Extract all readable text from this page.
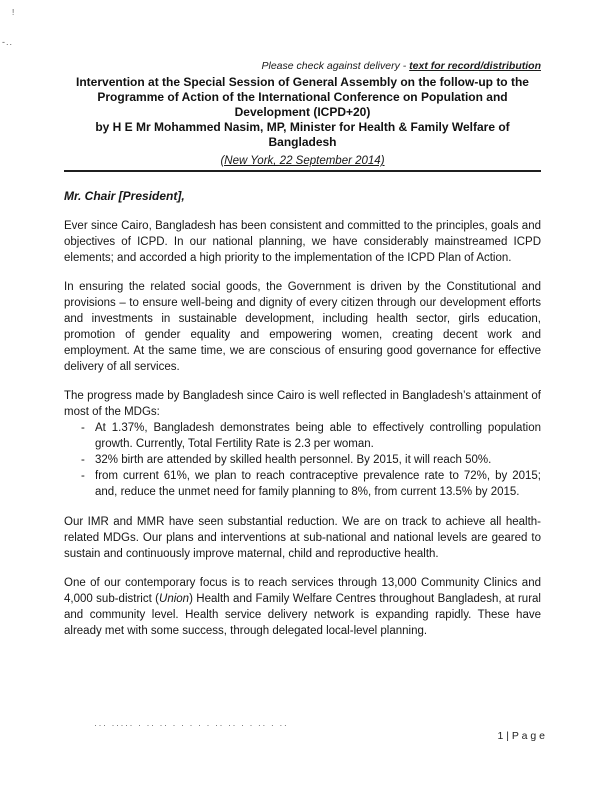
!
-..
Please check against delivery - text for record/distribution
Intervention at the Special Session of General Assembly on the follow-up to the Programme of Action of the International Conference on Population and Development (ICPD+20)
by H E Mr Mohammed Nasim, MP, Minister for Health & Family Welfare of Bangladesh
(New York, 22 September 2014)

Mr. Chair [President],

Ever since Cairo, Bangladesh has been consistent and committed to the principles, goals and objectives of ICPD. In our national planning, we have considerably mainstreamed ICPD elements; and accorded a high priority to the implementation of the ICPD Plan of Action.

In ensuring the related social goods, the Government is driven by the Constitutional and provisions – to ensure well-being and dignity of every citizen through our development efforts and investments in sustainable development, including health sector, girls education, promotion of gender equality and empowering women, creating decent work and employment. At the same time, we are conscious of ensuring good governance for effective delivery of all services.

The progress made by Bangladesh since Cairo is well reflected in Bangladesh’s attainment of most of the MDGs:

- At 1.37%, Bangladesh demonstrates being able to effectively controlling population growth. Currently, Total Fertility Rate is 2.3 per woman.
- 32% birth are attended by skilled health personnel. By 2015, it will reach 50%.
- from current 61%, we plan to reach contraceptive prevalence rate to 72%, by 2015; and, reduce the unmet need for family planning to 8%, from current 13.5% by 2015.

Our IMR and MMR have seen substantial reduction. We are on track to achieve all health-related MDGs. Our plans and interventions at sub-national and national levels are geared to sustain and continuously improve maternal, child and reproductive health.

One of our contemporary focus is to reach services through 13,000 Community Clinics and 4,000 sub-district (Union) Health and Family Welfare Centres throughout Bangladesh, at rural and community level. Health service delivery network is expanding rapidly. These have already met with some success, through delegated local-level planning.

··· ····· · ·· ·· · · · · · ·· ·· · · ·· · ··
1 | P a g e
